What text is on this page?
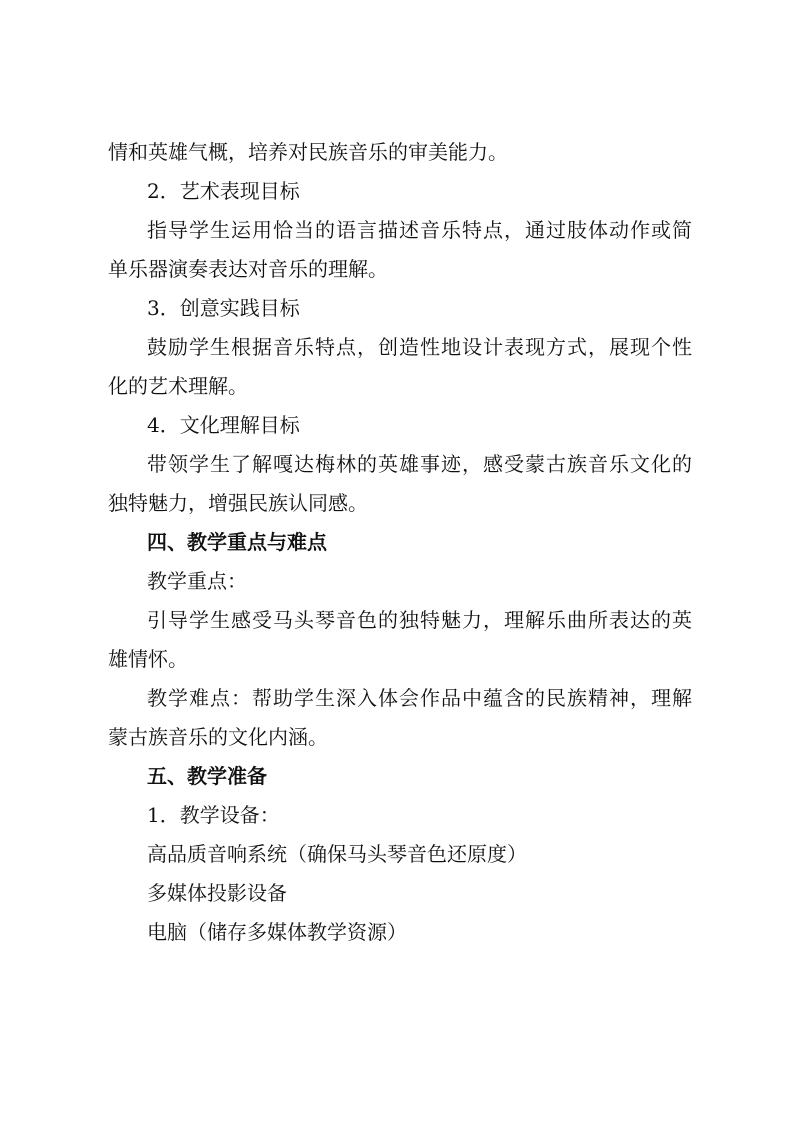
情和英雄气概，培养对民族音乐的审美能力。
2．艺术表现目标
指导学生运用恰当的语言描述音乐特点，通过肢体动作或简
单乐器演奏表达对音乐的理解。
3．创意实践目标
鼓励学生根据音乐特点，创造性地设计表现方式，展现个性
化的艺术理解。
4．文化理解目标
带领学生了解嘎达梅林的英雄事迹，感受蒙古族音乐文化的
独特魅力，增强民族认同感。
四、教学重点与难点
教学重点：
引导学生感受马头琴音色的独特魅力，理解乐曲所表达的英
雄情怀。
教学难点：帮助学生深入体会作品中蕴含的民族精神，理解
蒙古族音乐的文化内涵。
五、教学准备
1．教学设备：
高品质音响系统（确保马头琴音色还原度）
多媒体投影设备
电脑（储存多媒体教学资源）
